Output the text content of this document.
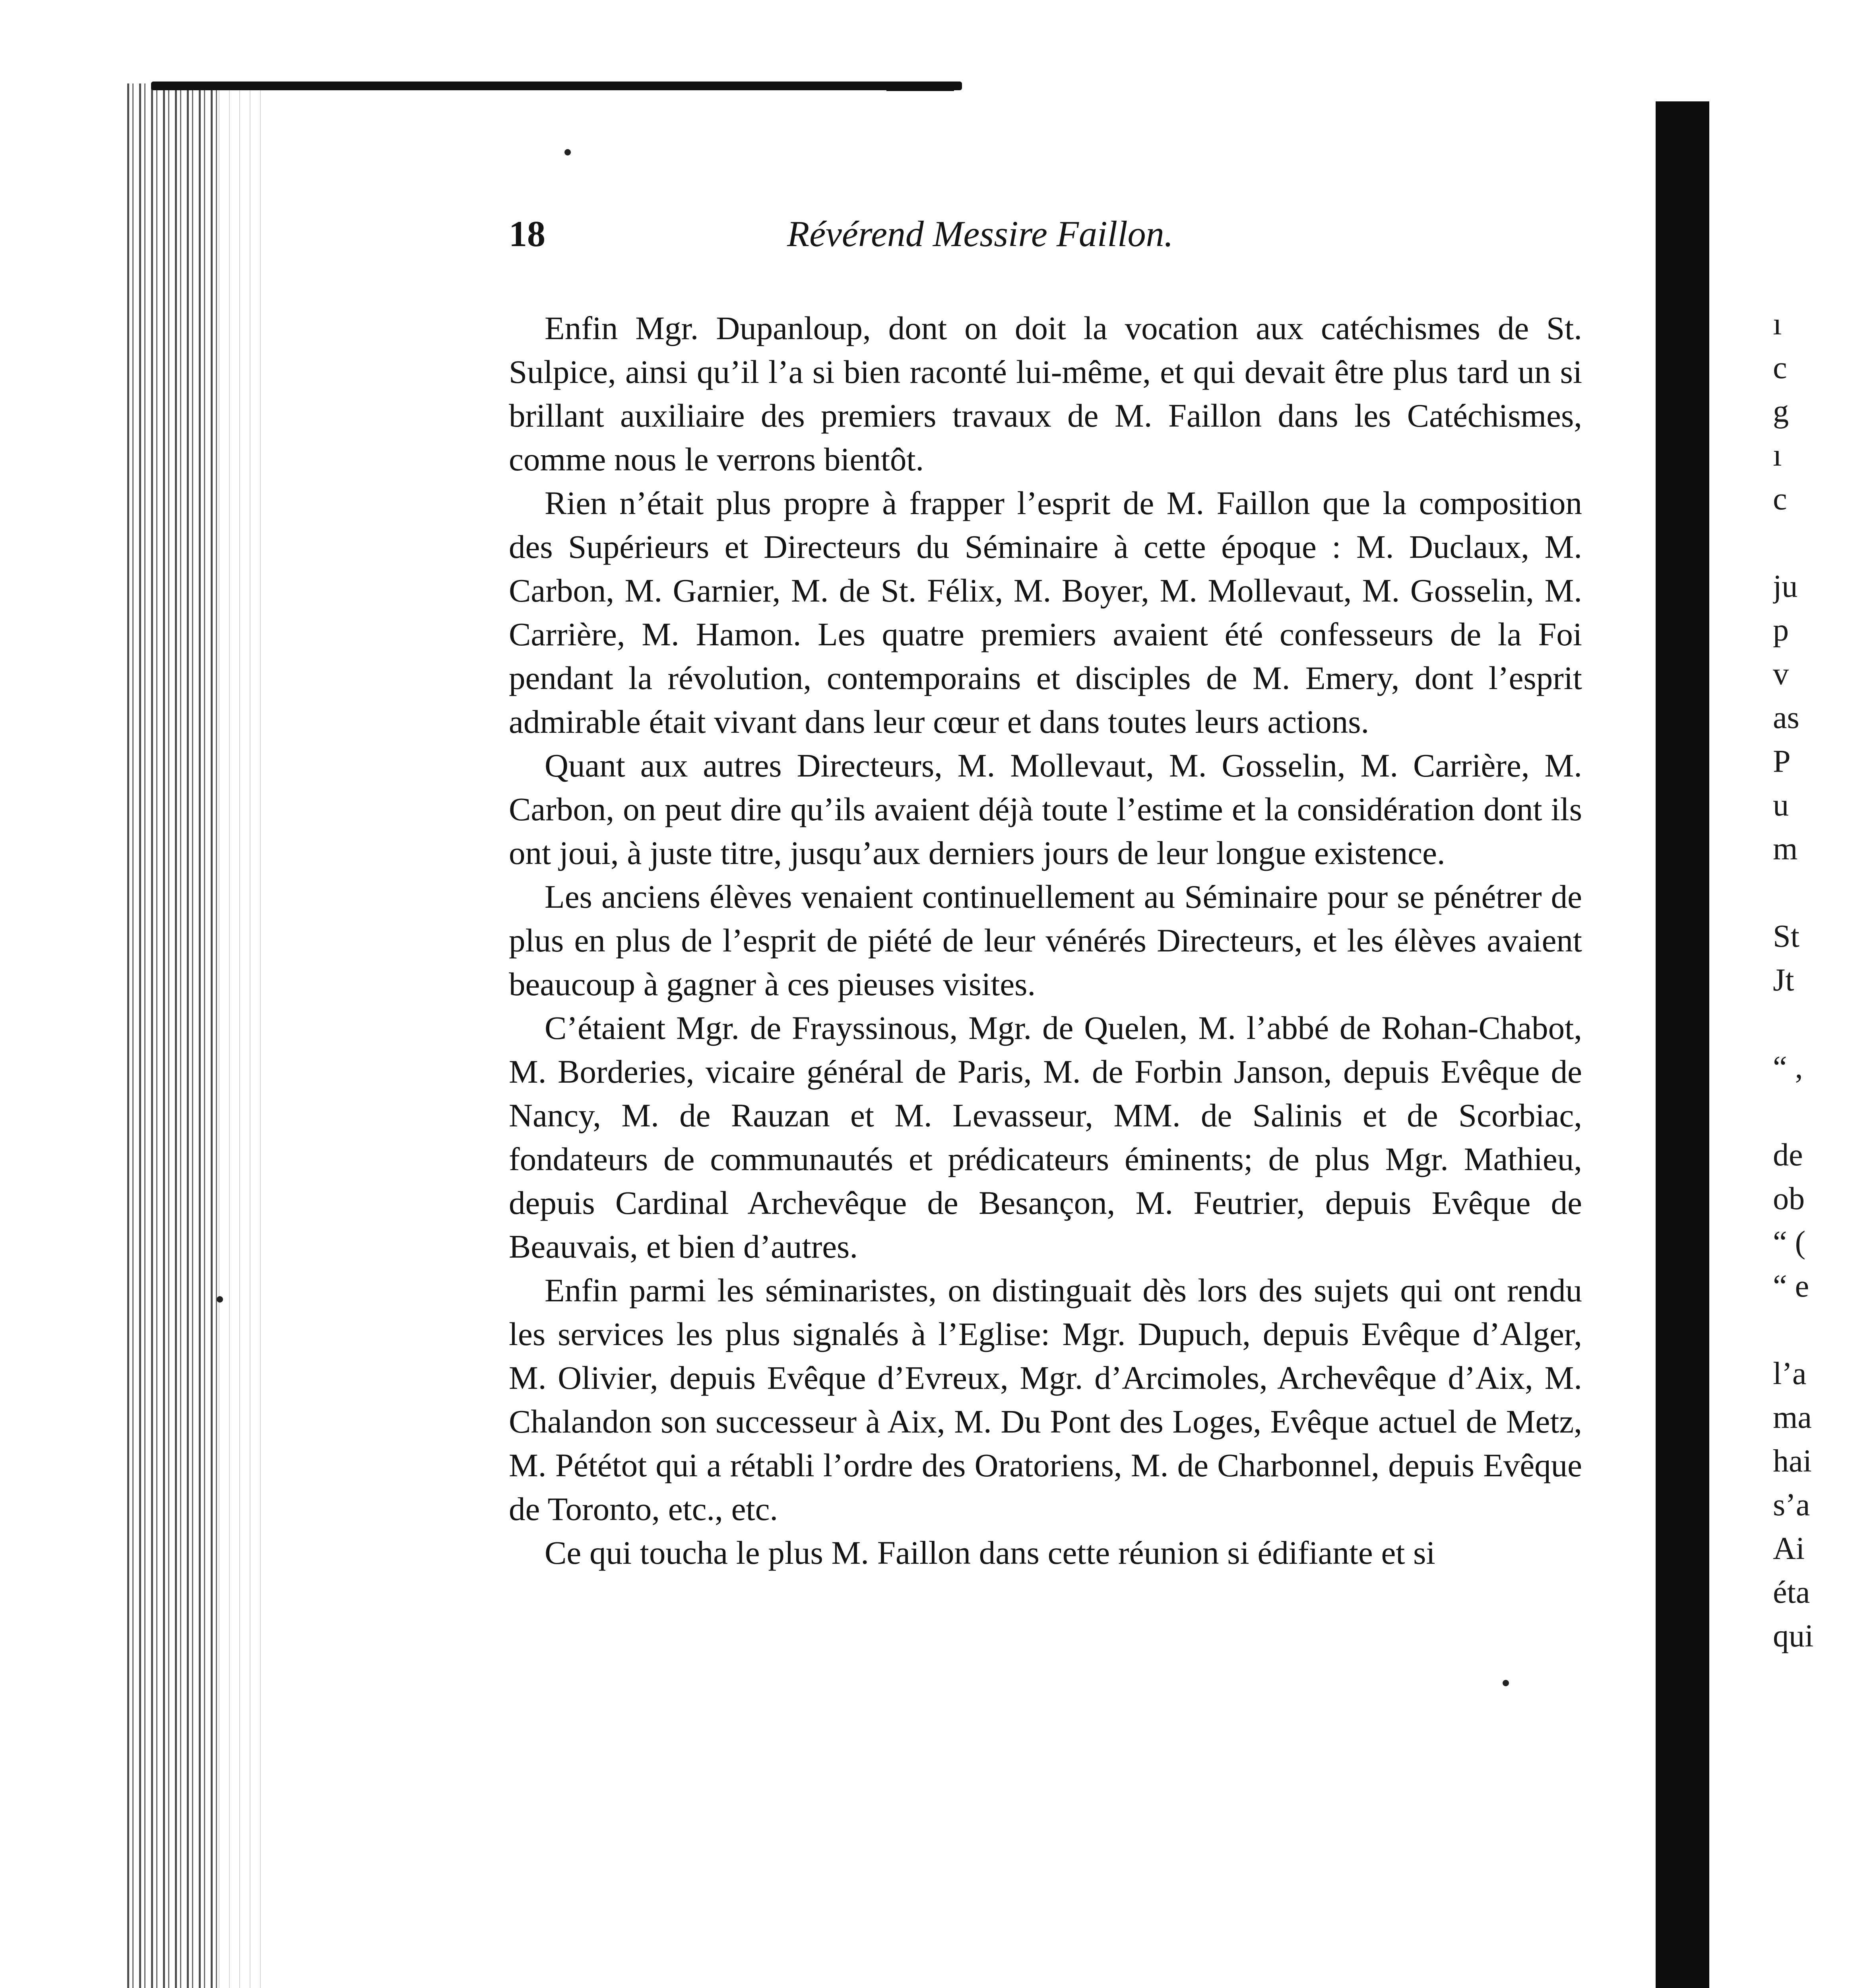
18	Révérend Messire Faillon.

Enfin Mgr. Dupanloup, dont on doit la vocation aux catéchismes de St. Sulpice, ainsi qu’il l’a si bien raconté lui-même, et qui devait être plus tard un si brillant auxiliaire des premiers travaux de M. Faillon dans les Catéchismes, comme nous le verrons bientôt.

Rien n’était plus propre à frapper l’esprit de M. Faillon que la composition des Supérieurs et Directeurs du Séminaire à cette époque : M. Duclaux, M. Carbon, M. Garnier, M. de St. Félix, M. Boyer, M. Mollevaut, M. Gosselin, M. Carrière, M. Hamon. Les quatre premiers avaient été confesseurs de la Foi pendant la révolution, contemporains et disciples de M. Emery, dont l’esprit admirable était vivant dans leur cœur et dans toutes leurs actions.

Quant aux autres Directeurs, M. Mollevaut, M. Gosselin, M. Carrière, M. Carbon, on peut dire qu’ils avaient déjà toute l’estime et la considération dont ils ont joui, à juste titre, jusqu’aux derniers jours de leur longue existence.

Les anciens élèves venaient continuellement au Séminaire pour se pénétrer de plus en plus de l’esprit de piété de leur vénérés Directeurs, et les élèves avaient beaucoup à gagner à ces pieuses visites.

C’étaient Mgr. de Frayssinous, Mgr. de Quelen, M. l’abbé de Rohan-Chabot, M. Borderies, vicaire général de Paris, M. de Forbin Janson, depuis Evêque de Nancy, M. de Rauzan et M. Levasseur, MM. de Salinis et de Scorbiac, fondateurs de communautés et prédicateurs éminents; de plus Mgr. Mathieu, depuis Cardinal Archevêque de Besançon, M. Feutrier, depuis Evêque de Beauvais, et bien d’autres.

Enfin parmi les séminaristes, on distinguait dès lors des sujets qui ont rendu les services les plus signalés à l’Eglise: Mgr. Dupuch, depuis Evêque d’Alger, M. Olivier, depuis Evêque d’Evreux, Mgr. d’Arcimoles, Archevêque d’Aix, M. Chalandon son successeur à Aix, M. Du Pont des Loges, Evêque actuel de Metz, M. Pététot qui a rétabli l’ordre des Oratoriens, M. de Charbonnel, depuis Evêque de Toronto, etc., etc.

Ce qui toucha le plus M. Faillon dans cette réunion si édifiante et si

ı
c
g
ı
c
ju
p
v
as
P
u
m
St
Jt
“ ,
de
ob
“ (
“ e
l’a
ma
hai
s’a
Ai
éta
qui
